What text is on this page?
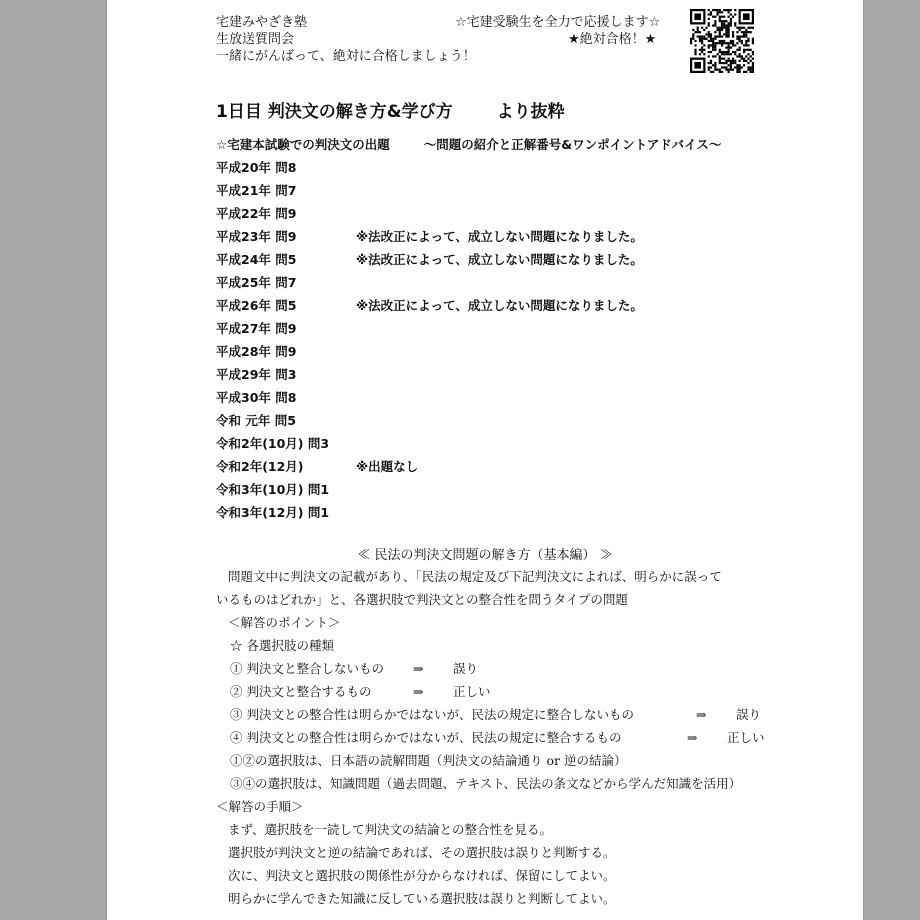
宅建みやざき塾
生放送質問会
一緒にがんばって、絶対に合格しましょう！
☆宅建受験生を全力で応援します☆
★絶対合格！★
1日目 判決文の解き方&学び方	より抜粋
☆宅建本試験での判決文の出題	～問題の紹介と正解番号&ワンポイントアドバイス～
平成20年 問8
平成21年 問7
平成22年 問9
平成23年 問9	※法改正によって、成立しない問題になりました。
平成24年 問5	※法改正によって、成立しない問題になりました。
平成25年 問7
平成26年 問5	※法改正によって、成立しない問題になりました。
平成27年 問9
平成28年 問9
平成29年 問3
平成30年 問8
令和 元年 問5
令和2年(10月) 問3
令和2年(12月)	※出題なし
令和3年(10月) 問1
令和3年(12月) 問1
≪ 民法の判決文問題の解き方（基本編） ≫
問題文中に判決文の記載があり、「民法の規定及び下記判決文によれば、明らかに誤って
いるものはどれか」と、各選択肢で判決文との整合性を問うタイプの問題
＜解答のポイント＞
☆ 各選択肢の種類
① 判決文と整合しないもの ⇒ 誤り
② 判決文と整合するもの	⇒ 正しい
③ 判決文との整合性は明らかではないが、民法の規定に整合しないもの	⇒ 誤り
④ 判決文との整合性は明らかではないが、民法の規定に整合するもの	⇒ 正しい
①②の選択肢は、日本語の読解問題（判決文の結論通り or 逆の結論）
③④の選択肢は、知識問題（過去問題、テキスト、民法の条文などから学んだ知識を活用）
＜解答の手順＞
まず、選択肢を一読して判決文の結論との整合性を見る。
選択肢が判決文と逆の結論であれば、その選択肢は誤りと判断する。
次に、判決文と選択肢の関係性が分からなければ、保留にしてよい。
明らかに学んできた知識に反している選択肢は誤りと判断してよい。
